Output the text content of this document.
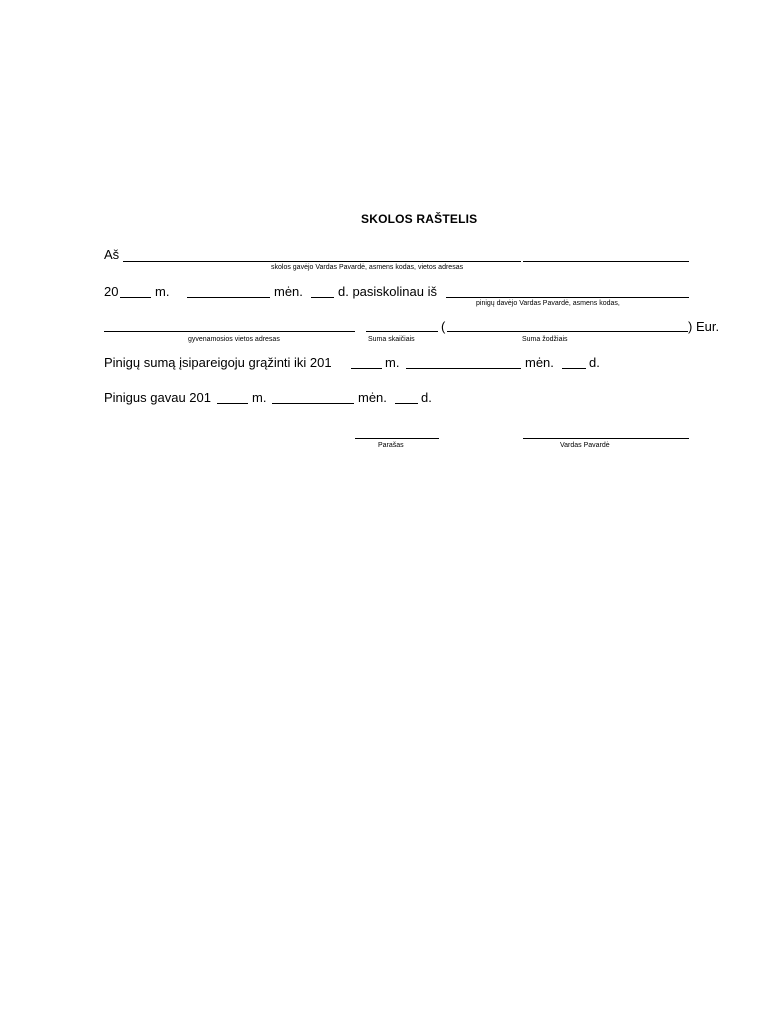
SKOLOS RAŠTELIS
Aš
skolos gavėjo Vardas Pavardė, asmens kodas, vietos adresas
20	m.	mėn.	d. pasiskolinau iš
pinigų davėjo Vardas Pavardė, asmens kodas,
(	) Eur.
gyvenamosios vietos adresas	Suma skaičiais	Suma žodžiais
Pinigų sumą įsipareigoju grąžinti iki 201	m.	mėn.	d.
Pinigus gavau 201	m.	mėn.	d.
Parašas	Vardas Pavardė
